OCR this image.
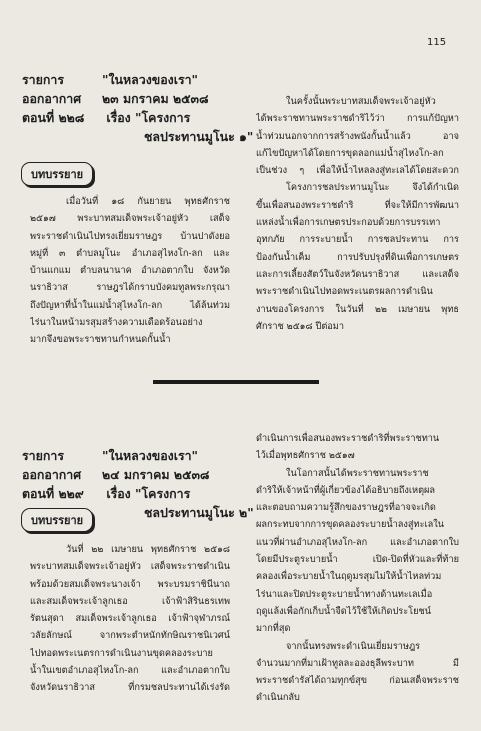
115
รายการ	"ในหลวงของเรา"
ออกอากาศ ๒๓ มกราคม ๒๕๓๘
ตอนที่ ๒๒๘ เรื่อง "โครงการ
ชลประทานมูโนะ ๑"
บทบรรยาย
เมื่อวันที่ ๑๘ กันยายน พุทธศักราช
๒๕๑๗ พระบาทสมเด็จพระเจ้าอยู่หัว เสด็จ
พระราชดำเนินไปทรงเยี่ยมราษฎร บ้านปาดังยอ
หมู่ที่ ๓ ตำบลมูโนะ อำเภอสุไหงโก-ลก และ
บ้านแกแม ตำบลนานาค อำเภอตากใบ จังหวัด
นราธิวาส ราษฎรได้กราบบังคมทูลพระกรุณา
ถึงปัญหาที่น้ำในแม่น้ำสุไหงโก-ลก ได้ล้นท่วม
ไร่นาในหน้ามรสุมสร้างความเดือดร้อนอย่าง
มากจึงขอพระราชทานกำหนดกั้นน้ำ
ในครั้งนั้นพระบาทสมเด็จพระเจ้าอยู่หัว
ได้พระราชทานพระราชดำริไว้ว่า การแก้ปัญหา
น้ำท่วมนอกจากการสร้างพนังกั้นน้ำแล้ว อาจ
แก้ไขปัญหาได้โดยการขุดลอกแม่น้ำสุไหงโก-ลก
เป็นช่วง ๆ เพื่อให้น้ำไหลลงสู่ทะเลได้โดยสะดวก
โครงการชลประทานมูโนะ จึงได้กำเนิด
ขึ้นเพื่อสนองพระราชดำริ ที่จะให้มีการพัฒนา
แหล่งน้ำเพื่อการเกษตรประกอบด้วยการบรรเทา
อุทกภัย การระบายน้ำ การชลประทาน การ
ป้องกันน้ำเค็ม การปรับปรุงที่ดินเพื่อการเกษตร
และการเลี้ยงสัตว์ในจังหวัดนราธิวาส และเสด็จ
พระราชดำเนินไปทอดพระเนตรผลการดำเนิน
งานของโครงการ ในวันที่ ๒๒ เมษายน พุทธ
ศักราช ๒๕๑๘ ปีต่อมา
รายการ	"ในหลวงของเรา"
ออกอากาศ ๒๔ มกราคม ๒๕๓๘
ตอนที่ ๒๒๙ เรื่อง "โครงการ
ชลประทานมูโนะ ๒"
บทบรรยาย
วันที่ ๒๒ เมษายน พุทธศักราช ๒๕๑๘
พระบาทสมเด็จพระเจ้าอยู่หัว เสด็จพระราชดำเนิน
พร้อมด้วยสมเด็จพระนางเจ้า พระบรมราชินีนาถ
และสมเด็จพระเจ้าลูกเธอ เจ้าฟ้าสิรินธรเทพ
รัตนสุดา สมเด็จพระเจ้าลูกเธอ เจ้าฟ้าจุฬาภรณ์
วลัยลักษณ์ จากพระตำหนักทักษิณราชนิเวศน์
ไปทอดพระเนตรการดำเนินงานขุดคลองระบาย
น้ำในเขตอำเภอสุไหงโก-ลก และอำเภอตากใบ
จังหวัดนราธิวาส ที่กรมชลประทานได้เร่งรัด
ดำเนินการเพื่อสนองพระราชดำริที่พระราชทาน
ไว้เมื่อพุทธศักราช ๒๕๑๗
ในโอกาสนั้นได้พระราชทานพระราช
ดำริให้เจ้าหน้าที่ผู้เกี่ยวข้องได้อธิบายถึงเหตุผล
และตอบถามความรู้สึกของราษฎรที่อาจจะเกิด
ผลกระทบจากการขุดคลองระบายน้ำลงสู่ทะเลใน
แนวที่ผ่านอำเภอสุไหงโก-ลก และอำเภอตากใบ
โดยมีประตูระบายน้ำ เปิด-ปิดที่หัวและที่ท้าย
คลองเพื่อระบายน้ำในฤดูมรสุมไม่ให้น้ำไหลท่วม
ไร่นาและปิดประตูระบายน้ำทางด้านทะเลเมื่อ
ฤดูแล้งเพื่อกักเก็บน้ำจืดไว้ใช้ให้เกิดประโยชน์
มากที่สุด
จากนั้นทรงพระดำเนินเยี่ยมราษฎร
จำนวนมากที่มาเฝ้าทูลละอองธุลีพระบาท มี
พระราชดำรัสได้ถามทุกข์สุข ก่อนเสด็จพระราช
ดำเนินกลับ
